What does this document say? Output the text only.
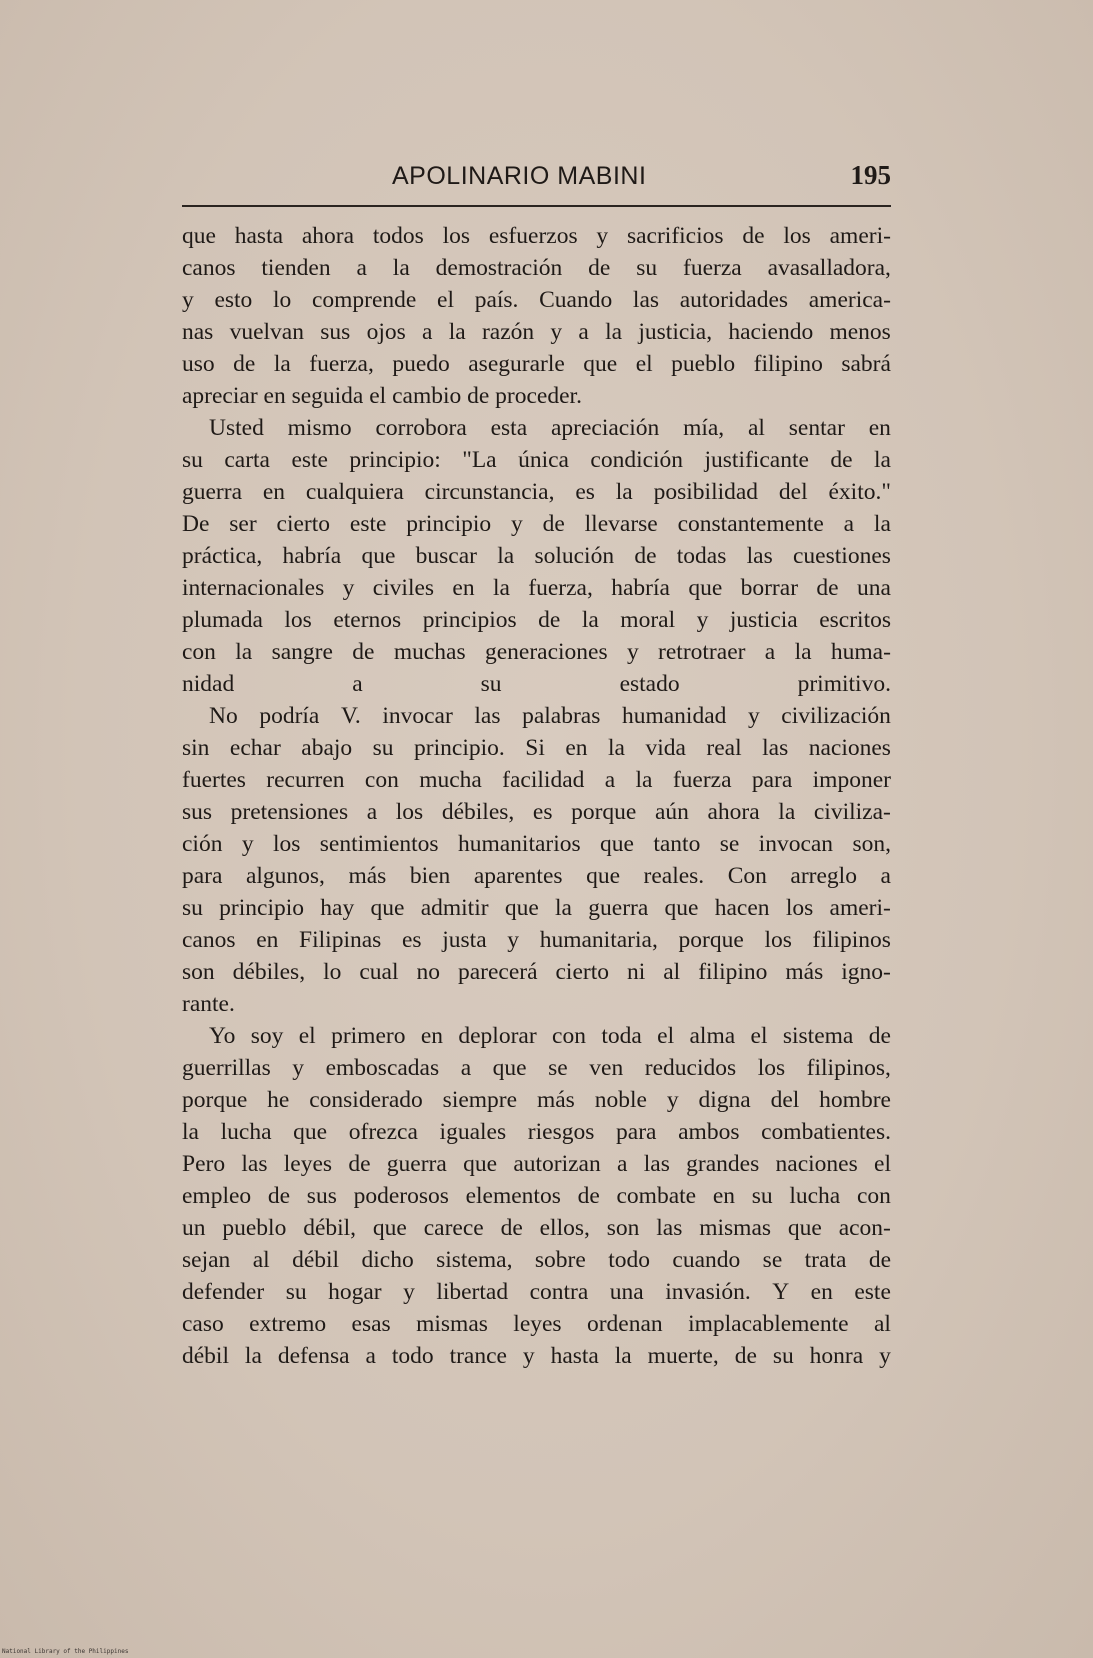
APOLINARIO MABINI	195
que hasta ahora todos los esfuerzos y sacrificios de los ameri-
canos tienden a la demostración de su fuerza avasalladora,
y esto lo comprende el país. Cuando las autoridades america-
nas vuelvan sus ojos a la razón y a la justicia, haciendo menos
uso de la fuerza, puedo asegurarle que el pueblo filipino sabrá
apreciar en seguida el cambio de proceder.
Usted mismo corrobora esta apreciación mía, al sentar en
su carta este principio: "La única condición justificante de la
guerra en cualquiera circunstancia, es la posibilidad del éxito."
De ser cierto este principio y de llevarse constantemente a la
práctica, habría que buscar la solución de todas las cuestiones
internacionales y civiles en la fuerza, habría que borrar de una
plumada los eternos principios de la moral y justicia escritos
con la sangre de muchas generaciones y retrotraer a la huma-
nidad	a	su	estado	primitivo.
No podría V. invocar las palabras humanidad y civilización
sin echar abajo su principio. Si en la vida real las naciones
fuertes recurren con mucha facilidad a la fuerza para imponer
sus pretensiones a los débiles, es porque aún ahora la civiliza-
ción y los sentimientos humanitarios que tanto se invocan son,
para algunos, más bien aparentes que reales. Con arreglo a
su principio hay que admitir que la guerra que hacen los ameri-
canos en Filipinas es justa y humanitaria, porque los filipinos
son débiles, lo cual no parecerá cierto ni al filipino más igno-
rante.
Yo soy el primero en deplorar con toda el alma el sistema de
guerrillas y emboscadas a que se ven reducidos los filipinos,
porque he considerado siempre más noble y digna del hombre
la lucha que ofrezca iguales riesgos para ambos combatientes.
Pero las leyes de guerra que autorizan a las grandes naciones el
empleo de sus poderosos elementos de combate en su lucha con
un pueblo débil, que carece de ellos, son las mismas que acon-
sejan al débil dicho sistema, sobre todo cuando se trata de
defender su hogar y libertad contra una invasión. Y en este
caso extremo esas mismas leyes ordenan implacablemente al
débil la defensa a todo trance y hasta la muerte, de su honra y
National Library of the Philippines
